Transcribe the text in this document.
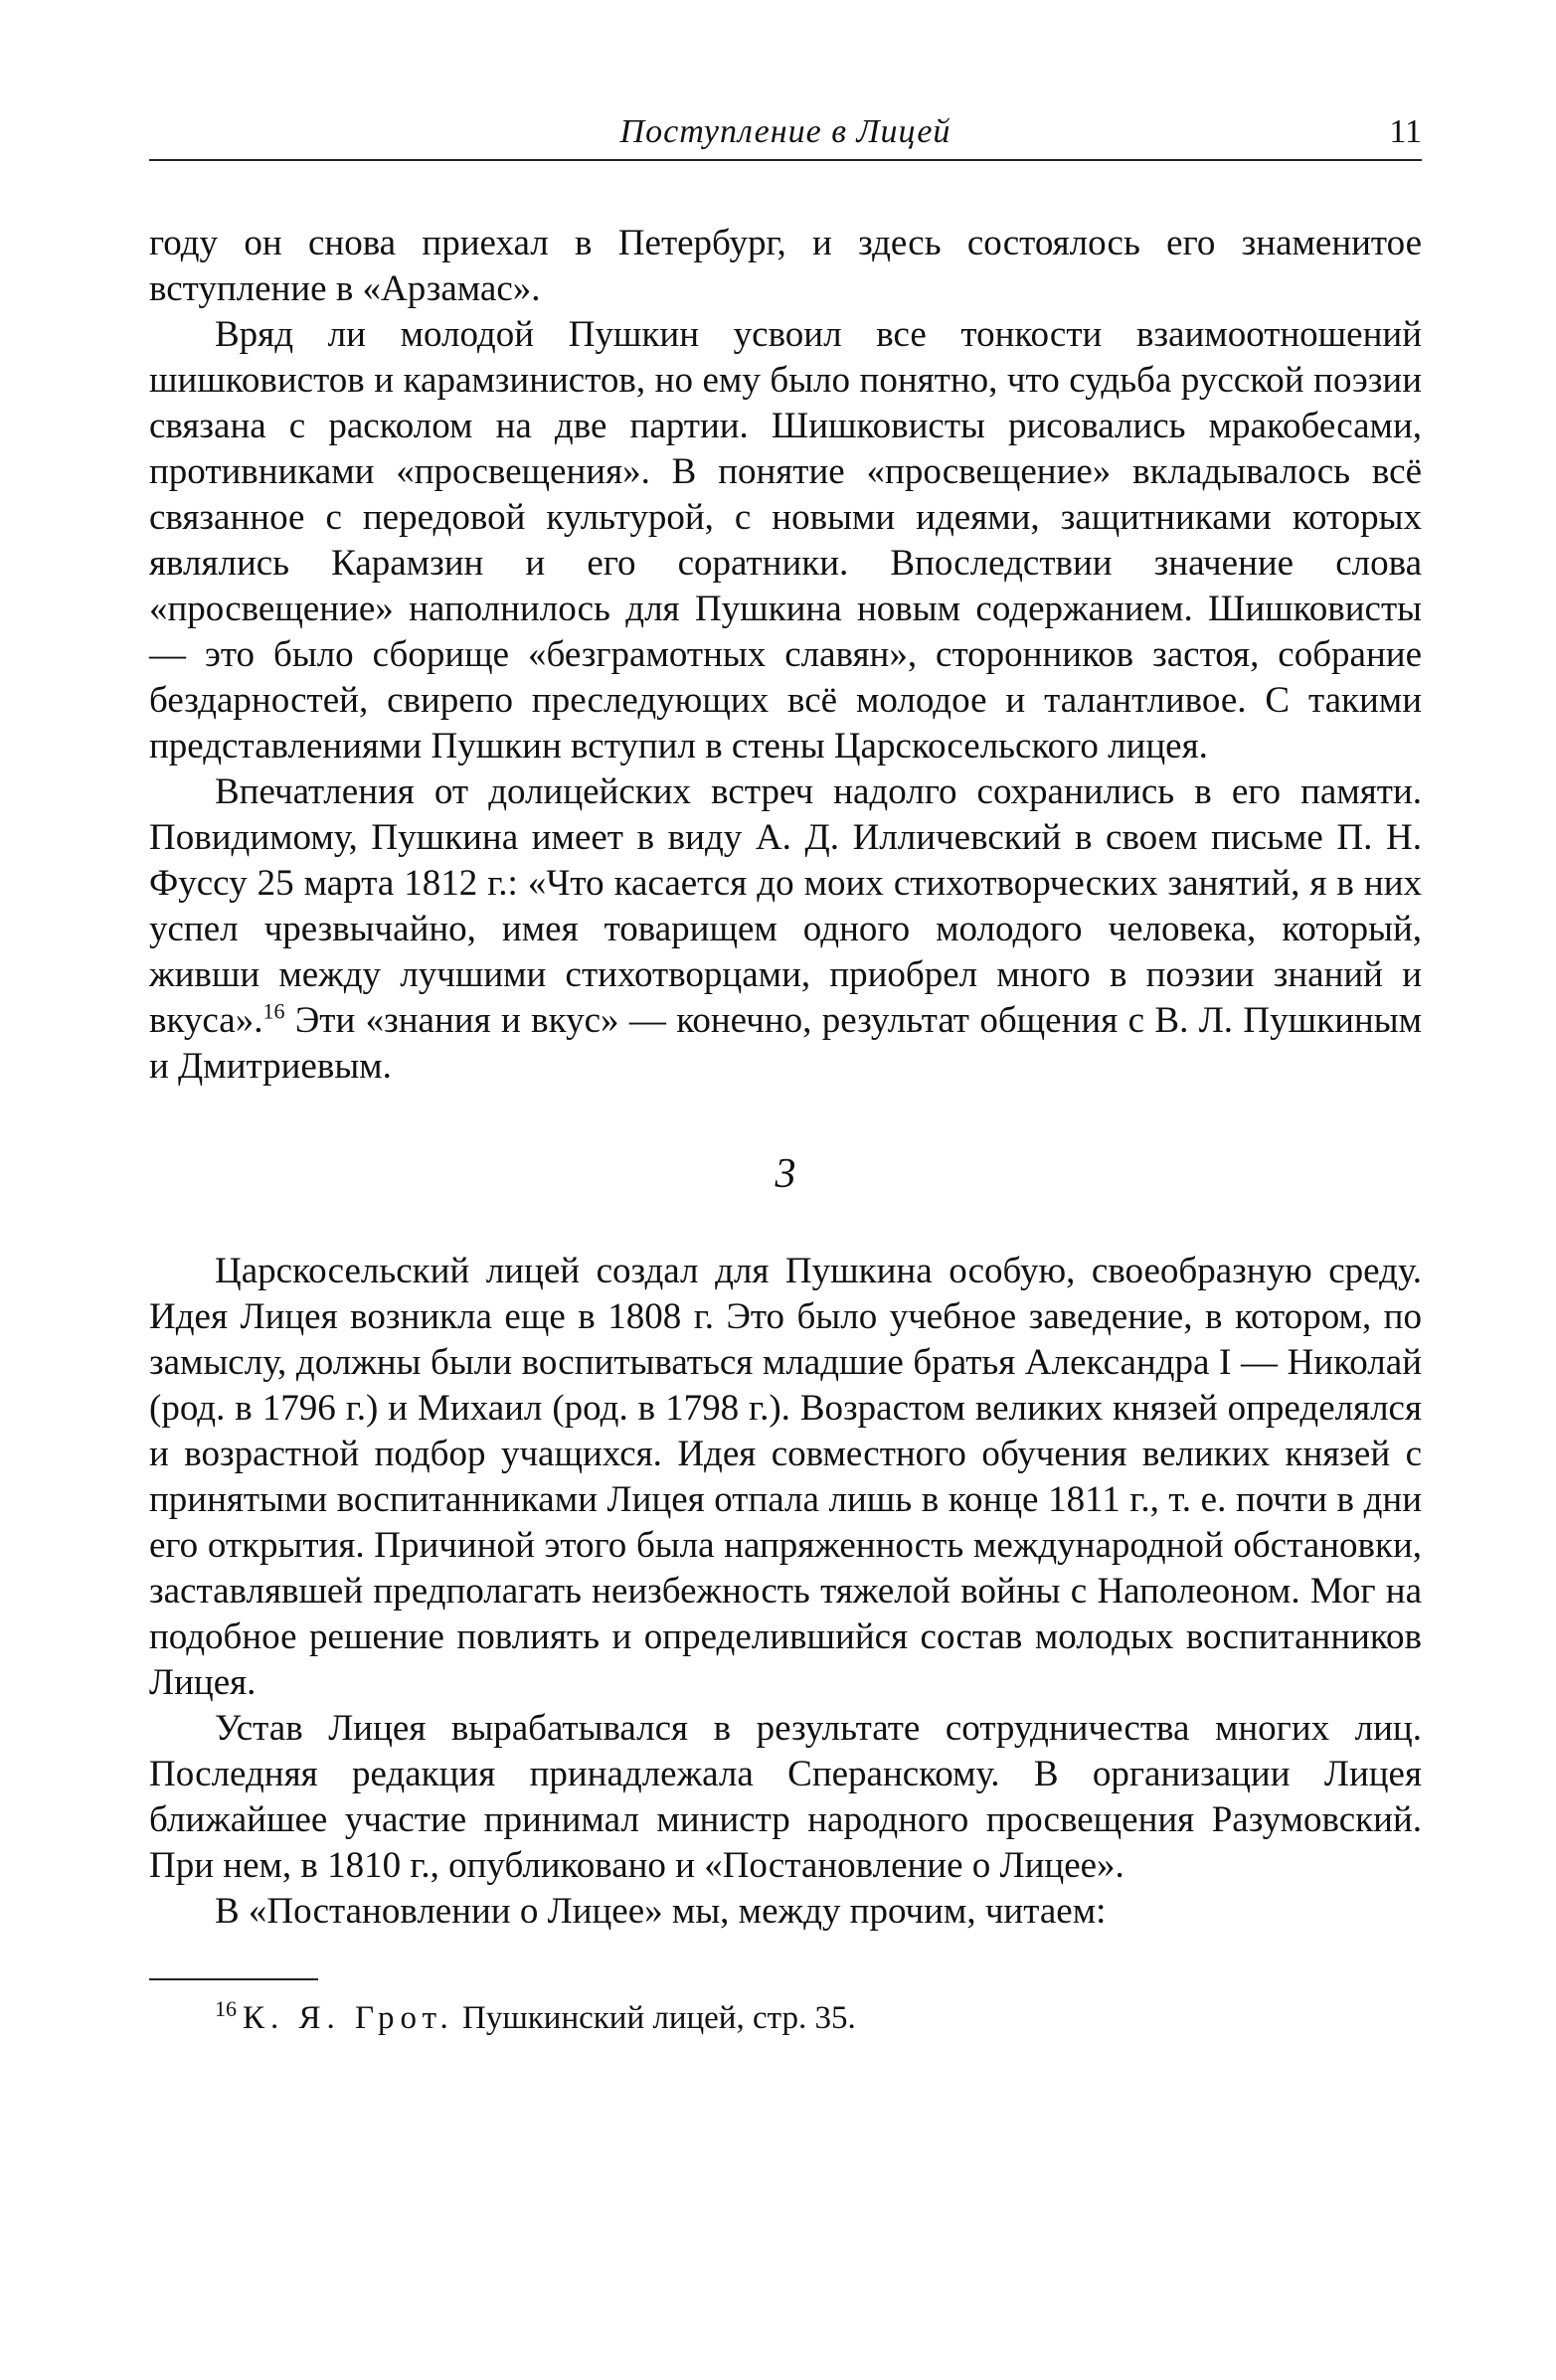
Поступление в Лицей	11

году он снова приехал в Петербург, и здесь состоялось его знаменитое вступление в «Арзамас».

Вряд ли молодой Пушкин усвоил все тонкости взаимоотношений шишковистов и карамзинистов, но ему было понятно, что судьба русской поэзии связана с расколом на две партии. Шишковисты рисовались мракобесами, противниками «просвещения». В понятие «просвещение» вкладывалось всё связанное с передовой культурой, с новыми идеями, защитниками которых являлись Карамзин и его соратники. Впоследствии значение слова «просвещение» наполнилось для Пушкина новым содержанием. Шишковисты — это было сборище «безграмотных славян», сторонников застоя, собрание бездарностей, свирепо преследующих всё молодое и талантливое. С такими представлениями Пушкин вступил в стены Царскосельского лицея.

Впечатления от долицейских встреч надолго сохранились в его памяти. Повидимому, Пушкина имеет в виду А. Д. Илличевский в своем письме П. Н. Фуссу 25 марта 1812 г.: «Что касается до моих стихотворческих занятий, я в них успел чрезвычайно, имея товарищем одного молодого человека, который, живши между лучшими стихотворцами, приобрел много в поэзии знаний и вкуса».$^{16}$ Эти «знания и вкус» — конечно, результат общения с В. Л. Пушкиным и Дмитриевым.

3

Царскосельский лицей создал для Пушкина особую, своеобразную среду. Идея Лицея возникла еще в 1808 г. Это было учебное заведение, в котором, по замыслу, должны были воспитываться младшие братья Александра I — Николай (род. в 1796 г.) и Михаил (род. в 1798 г.). Возрастом великих князей определялся и возрастной подбор учащихся. Идея совместного обучения великих князей с принятыми воспитанниками Лицея отпала лишь в конце 1811 г., т. е. почти в дни его открытия. Причиной этого была напряженность международной обстановки, заставлявшей предполагать неизбежность тяжелой войны с Наполеоном. Мог на подобное решение повлиять и определившийся состав молодых воспитанников Лицея.

Устав Лицея вырабатывался в результате сотрудничества многих лиц. Последняя редакция принадлежала Сперанскому. В организации Лицея ближайшее участие принимал министр народного просвещения Разумовский. При нем, в 1810 г., опубликовано и «Постановление о Лицее».

В «Постановлении о Лицее» мы, между прочим, читаем:

$^{16}$ К. Я. Грот. Пушкинский лицей, стр. 35.
